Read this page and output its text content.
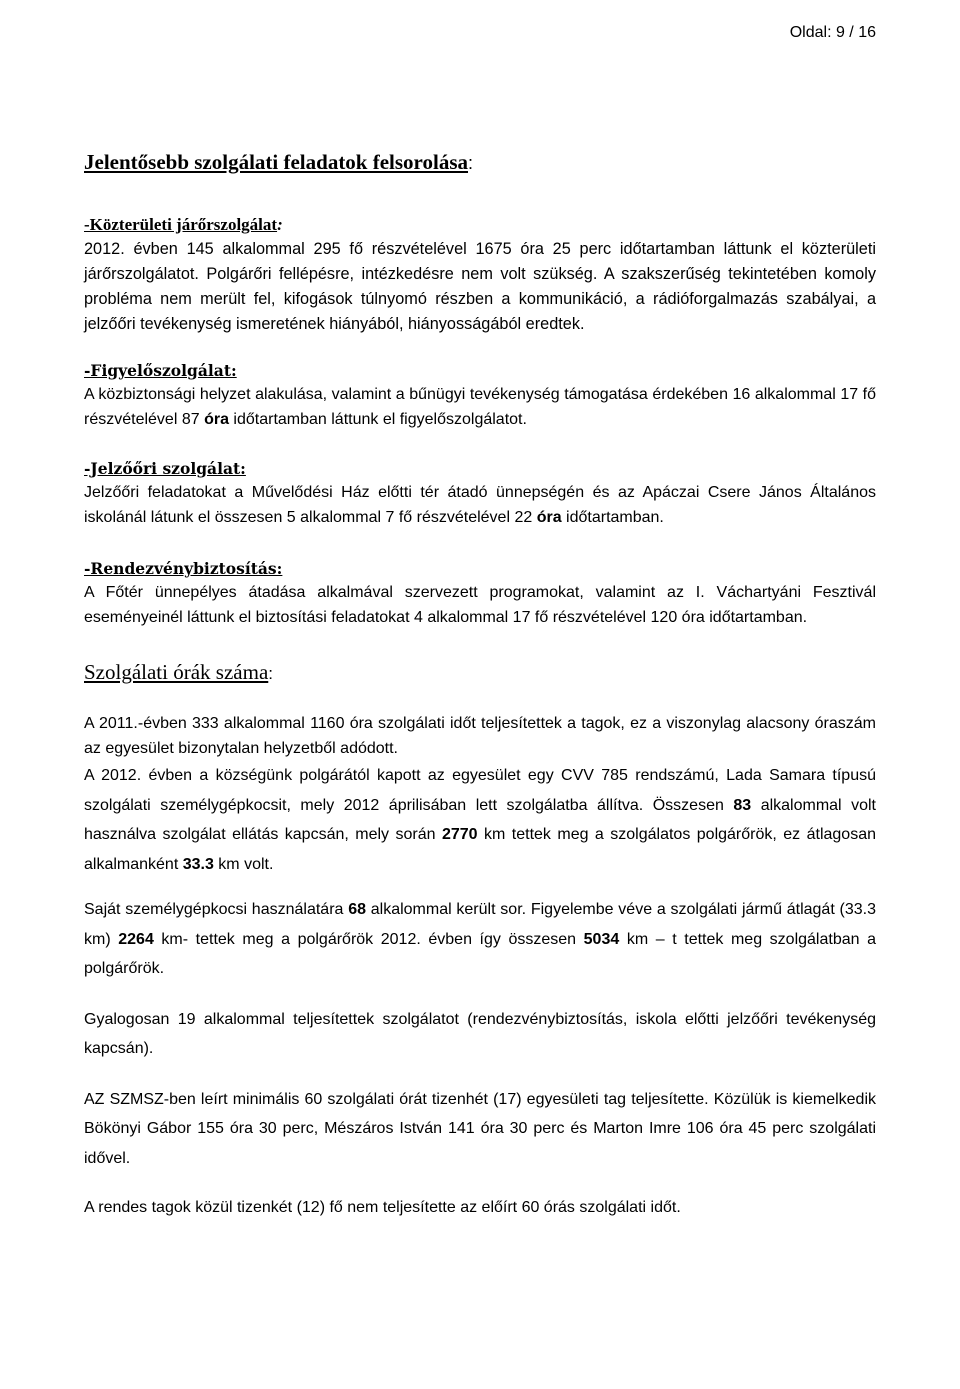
Oldal: 9 / 16
Jelentősebb szolgálati feladatok felsorolása:
-Közterületi járőrszolgálat:

2012. évben 145 alkalommal 295 fő részvételével 1675 óra 25 perc időtartamban láttunk el közterületi járőrszolgálatot. Polgárőri fellépésre, intézkedésre nem volt szükség. A szakszerűség tekintetében komoly probléma nem merült fel, kifogások túlnyomó részben a kommunikáció, a rádióforgalmazás szabályai, a jelzőőri tevékenység ismeretének hiányából, hiányosságából eredtek.

-Figyelőszolgálat:

A közbiztonsági helyzet alakulása, valamint a bűnügyi tevékenység támogatása érdekében 16 alkalommal 17 fő részvételével 87 óra időtartamban láttunk el figyelőszolgálatot.

-Jelzőőri szolgálat:

Jelzőőri feladatokat a Művelődési Ház előtti tér átadó ünnepségén és az Apáczai Csere János Általános iskolánál látunk el összesen 5 alkalommal 7 fő részvételével 22 óra időtartamban.

-Rendezvénybiztosítás:

A Főtér ünnepélyes átadása alkalmával szervezett programokat, valamint az I. Váchartyáni Fesztivál eseményeinél láttunk el biztosítási feladatokat 4 alkalommal 17 fő részvételével 120 óra időtartamban.

Szolgálati órák száma:

A 2011.-évben 333 alkalommal 1160 óra szolgálati időt teljesítettek a tagok, ez a viszonylag alacsony óraszám az egyesület bizonytalan helyzetből adódott.

A 2012. évben a községünk polgárától kapott az egyesület egy CVV 785 rendszámú, Lada Samara típusú szolgálati személygépkocsit, mely 2012 áprilisában lett szolgálatba állítva. Összesen 83 alkalommal volt használva szolgálat ellátás kapcsán, mely során 2770 km tettek meg a szolgálatos polgárőrök, ez átlagosan alkalmanként 33.3 km volt.

Saját személygépkocsi használatára 68 alkalommal került sor. Figyelembe véve a szolgálati jármű átlagát (33.3 km) 2264 km- tettek meg a polgárőrök 2012. évben így összesen 5034 km – t tettek meg szolgálatban a polgárőrök.

Gyalogosan 19 alkalommal teljesítettek szolgálatot (rendezvénybiztosítás, iskola előtti jelzőőri tevékenység kapcsán).

AZ SZMSZ-ben leírt minimális 60 szolgálati órát tizenhét (17) egyesületi tag teljesítette. Közülük is kiemelkedik Bökönyi Gábor 155 óra 30 perc, Mészáros István 141 óra 30 perc és Marton Imre 106 óra 45 perc szolgálati idővel.

A rendes tagok közül tizenkét (12) fő nem teljesítette az előírt 60 órás szolgálati időt.
